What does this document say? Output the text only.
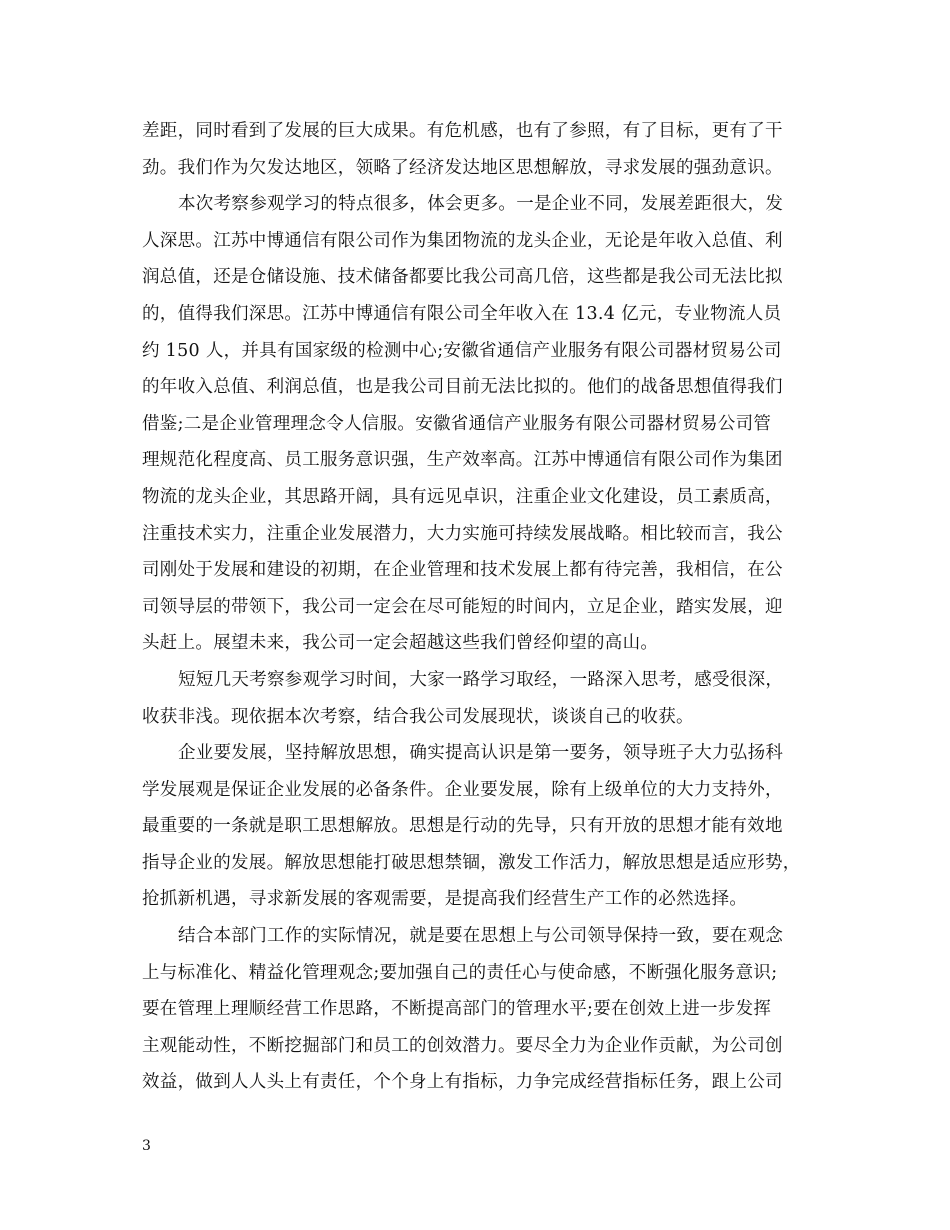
差距，同时看到了发展的巨大成果。有危机感，也有了参照，有了目标，更有了干
劲。我们作为欠发达地区，领略了经济发达地区思想解放，寻求发展的强劲意识。
本次考察参观学习的特点很多，体会更多。一是企业不同，发展差距很大，发
人深思。江苏中博通信有限公司作为集团物流的龙头企业，无论是年收入总值、利
润总值，还是仓储设施、技术储备都要比我公司高几倍，这些都是我公司无法比拟
的，值得我们深思。江苏中博通信有限公司全年收入在 13.4 亿元，专业物流人员
约 150 人，并具有国家级的检测中心;安徽省通信产业服务有限公司器材贸易公司
的年收入总值、利润总值，也是我公司目前无法比拟的。他们的战备思想值得我们
借鉴;二是企业管理理念令人信服。安徽省通信产业服务有限公司器材贸易公司管
理规范化程度高、员工服务意识强，生产效率高。江苏中博通信有限公司作为集团
物流的龙头企业，其思路开阔，具有远见卓识，注重企业文化建设，员工素质高，
注重技术实力，注重企业发展潜力，大力实施可持续发展战略。相比较而言，我公
司刚处于发展和建设的初期，在企业管理和技术发展上都有待完善，我相信，在公
司领导层的带领下，我公司一定会在尽可能短的时间内，立足企业，踏实发展，迎
头赶上。展望未来，我公司一定会超越这些我们曾经仰望的高山。
短短几天考察参观学习时间，大家一路学习取经，一路深入思考，感受很深，
收获非浅。现依据本次考察，结合我公司发展现状，谈谈自己的收获。
企业要发展，坚持解放思想，确实提高认识是第一要务，领导班子大力弘扬科
学发展观是保证企业发展的必备条件。企业要发展，除有上级单位的大力支持外，
最重要的一条就是职工思想解放。思想是行动的先导，只有开放的思想才能有效地
指导企业的发展。解放思想能打破思想禁锢，激发工作活力，解放思想是适应形势，
抢抓新机遇，寻求新发展的客观需要，是提高我们经营生产工作的必然选择。
结合本部门工作的实际情况，就是要在思想上与公司领导保持一致，要在观念
上与标准化、精益化管理观念;要加强自己的责任心与使命感，不断强化服务意识;
要在管理上理顺经营工作思路，不断提高部门的管理水平;要在创效上进一步发挥
主观能动性，不断挖掘部门和员工的创效潜力。要尽全力为企业作贡献，为公司创
效益，做到人人头上有责任，个个身上有指标，力争完成经营指标任务，跟上公司
3
